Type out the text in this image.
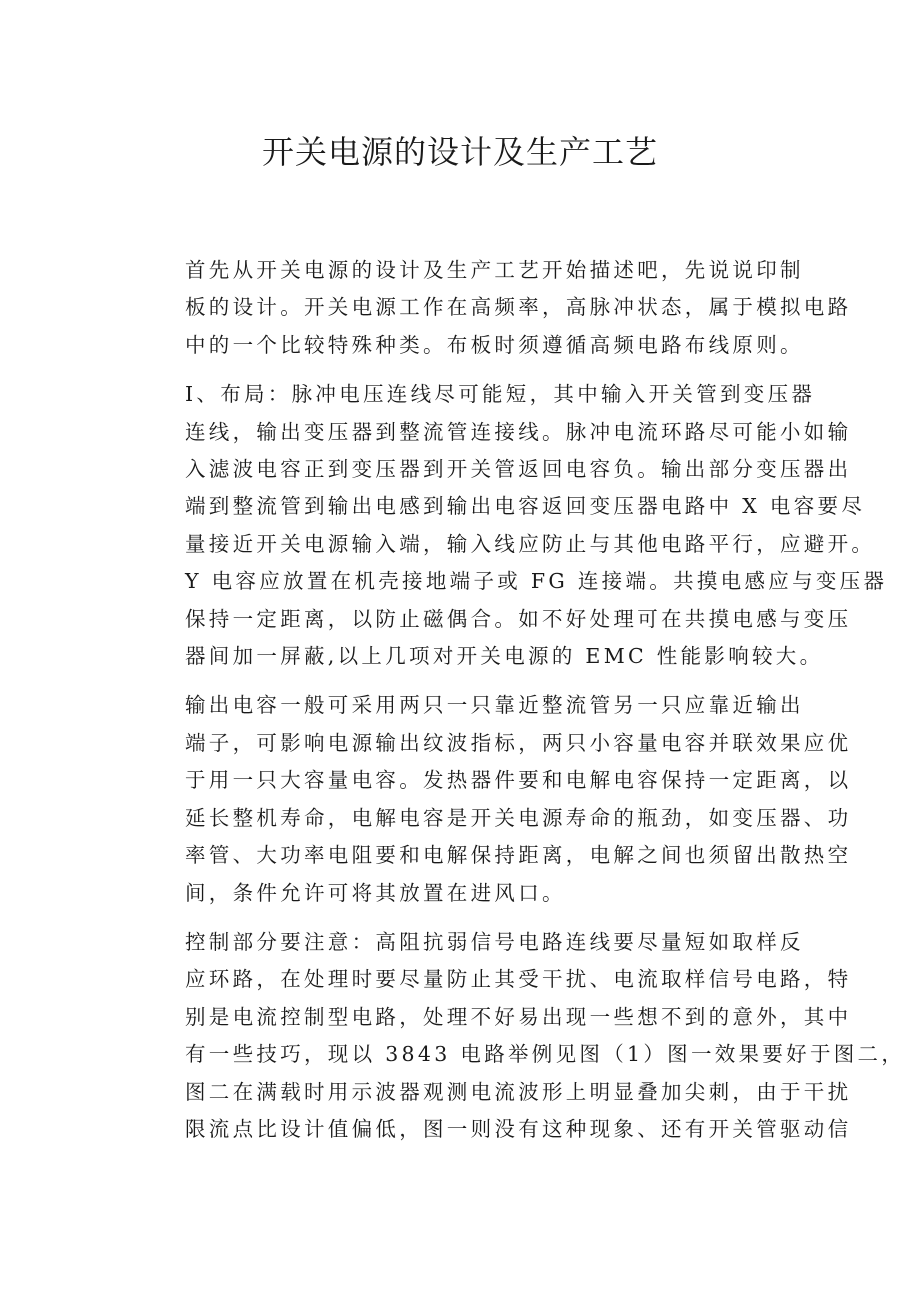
开关电源的设计及生产工艺

首先从开关电源的设计及生产工艺开始描述吧，先说说印制
板的设计。开关电源工作在高频率，高脉冲状态，属于模拟电路
中的一个比较特殊种类。布板时须遵循高频电路布线原则。

I、布局：脉冲电压连线尽可能短，其中输入开关管到变压器
连线，输出变压器到整流管连接线。脉冲电流环路尽可能小如输
入滤波电容正到变压器到开关管返回电容负。输出部分变压器出
端到整流管到输出电感到输出电容返回变压器电路中 X 电容要尽
量接近开关电源输入端，输入线应防止与其他电路平行，应避开。
Y 电容应放置在机壳接地端子或 FG 连接端。共摸电感应与变压器
保持一定距离，以防止磁偶合。如不好处理可在共摸电感与变压
器间加一屏蔽,以上几项对开关电源的 EMC 性能影响较大。

输出电容一般可采用两只一只靠近整流管另一只应靠近输出
端子，可影响电源输出纹波指标，两只小容量电容并联效果应优
于用一只大容量电容。发热器件要和电解电容保持一定距离，以
延长整机寿命，电解电容是开关电源寿命的瓶劲，如变压器、功
率管、大功率电阻要和电解保持距离，电解之间也须留出散热空
间，条件允许可将其放置在进风口。

控制部分要注意：高阻抗弱信号电路连线要尽量短如取样反
应环路，在处理时要尽量防止其受干扰、电流取样信号电路，特
别是电流控制型电路，处理不好易出现一些想不到的意外，其中
有一些技巧，现以 3843 电路举例见图（1）图一效果要好于图二，
图二在满载时用示波器观测电流波形上明显叠加尖刺，由于干扰
限流点比设计值偏低，图一则没有这种现象、还有开关管驱动信
